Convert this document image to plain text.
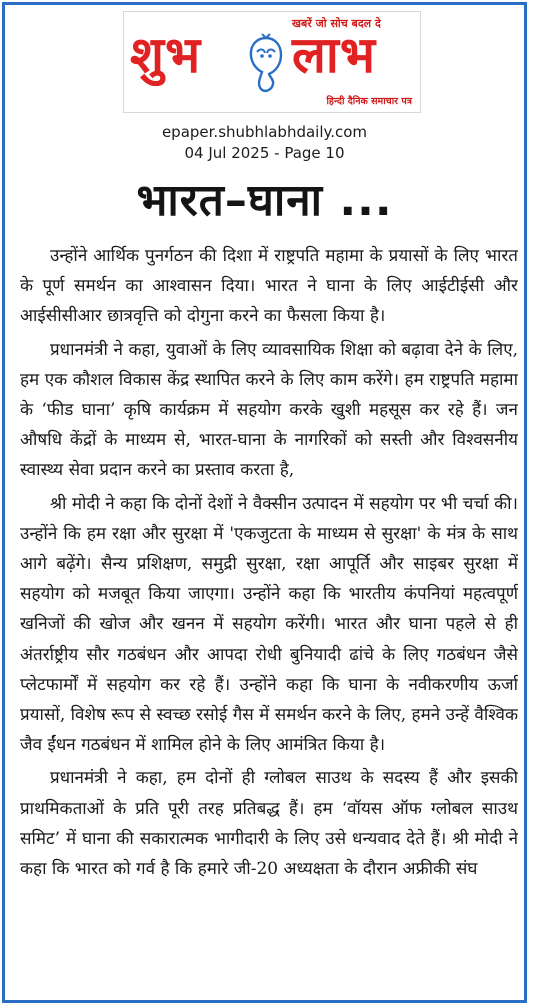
खबरें जो सोच बदल दे
शुभ लाभ
हिन्दी दैनिक समाचार पत्र
epaper.shubhlabhdaily.com
04 Jul 2025 - Page 10
भारत–घाना ...

उन्होंने आर्थिक पुनर्गठन की दिशा में राष्ट्रपति महामा के प्रयासों के लिए भारत के पूर्ण समर्थन का आश्वासन दिया। भारत ने घाना के लिए आईटीईसी और आईसीसीआर छात्रवृत्ति को दोगुना करने का फैसला किया है।

प्रधानमंत्री ने कहा, युवाओं के लिए व्यावसायिक शिक्षा को बढ़ावा देने के लिए, हम एक कौशल विकास केंद्र स्थापित करने के लिए काम करेंगे। हम राष्ट्रपति महामा के ‘फीड घाना’ कृषि कार्यक्रम में सहयोग करके खुशी महसूस कर रहे हैं। जन औषधि केंद्रों के माध्यम से, भारत-घाना के नागरिकों को सस्ती और विश्वसनीय स्वास्थ्य सेवा प्रदान करने का प्रस्ताव करता है,

श्री मोदी ने कहा कि दोनों देशों ने वैक्सीन उत्पादन में सहयोग पर भी चर्चा की। उन्होंने कि हम रक्षा और सुरक्षा में 'एकजुटता के माध्यम से सुरक्षा' के मंत्र के साथ आगे बढ़ेंगे। सैन्य प्रशिक्षण, समुद्री सुरक्षा, रक्षा आपूर्ति और साइबर सुरक्षा में सहयोग को मजबूत किया जाएगा। उन्होंने कहा कि भारतीय कंपनियां महत्वपूर्ण खनिजों की खोज और खनन में सहयोग करेंगी। भारत और घाना पहले से ही अंतर्राष्ट्रीय सौर गठबंधन और आपदा रोधी बुनियादी ढांचे के लिए गठबंधन जैसे प्लेटफार्मों में सहयोग कर रहे हैं। उन्होंने कहा कि घाना के नवीकरणीय ऊर्जा प्रयासों, विशेष रूप से स्वच्छ रसोई गैस में समर्थन करने के लिए, हमने उन्हें वैश्विक जैव ईंधन गठबंधन में शामिल होने के लिए आमंत्रित किया है।

प्रधानमंत्री ने कहा, हम दोनों ही ग्लोबल साउथ के सदस्य हैं और इसकी प्राथमिकताओं के प्रति पूरी तरह प्रतिबद्ध हैं। हम ‘वॉयस ऑफ ग्लोबल साउथ समिट’ में घाना की सकारात्मक भागीदारी के लिए उसे धन्यवाद देते हैं। श्री मोदी ने कहा कि भारत को गर्व है कि हमारे जी-20 अध्यक्षता के दौरान अफ्रीकी संघ
